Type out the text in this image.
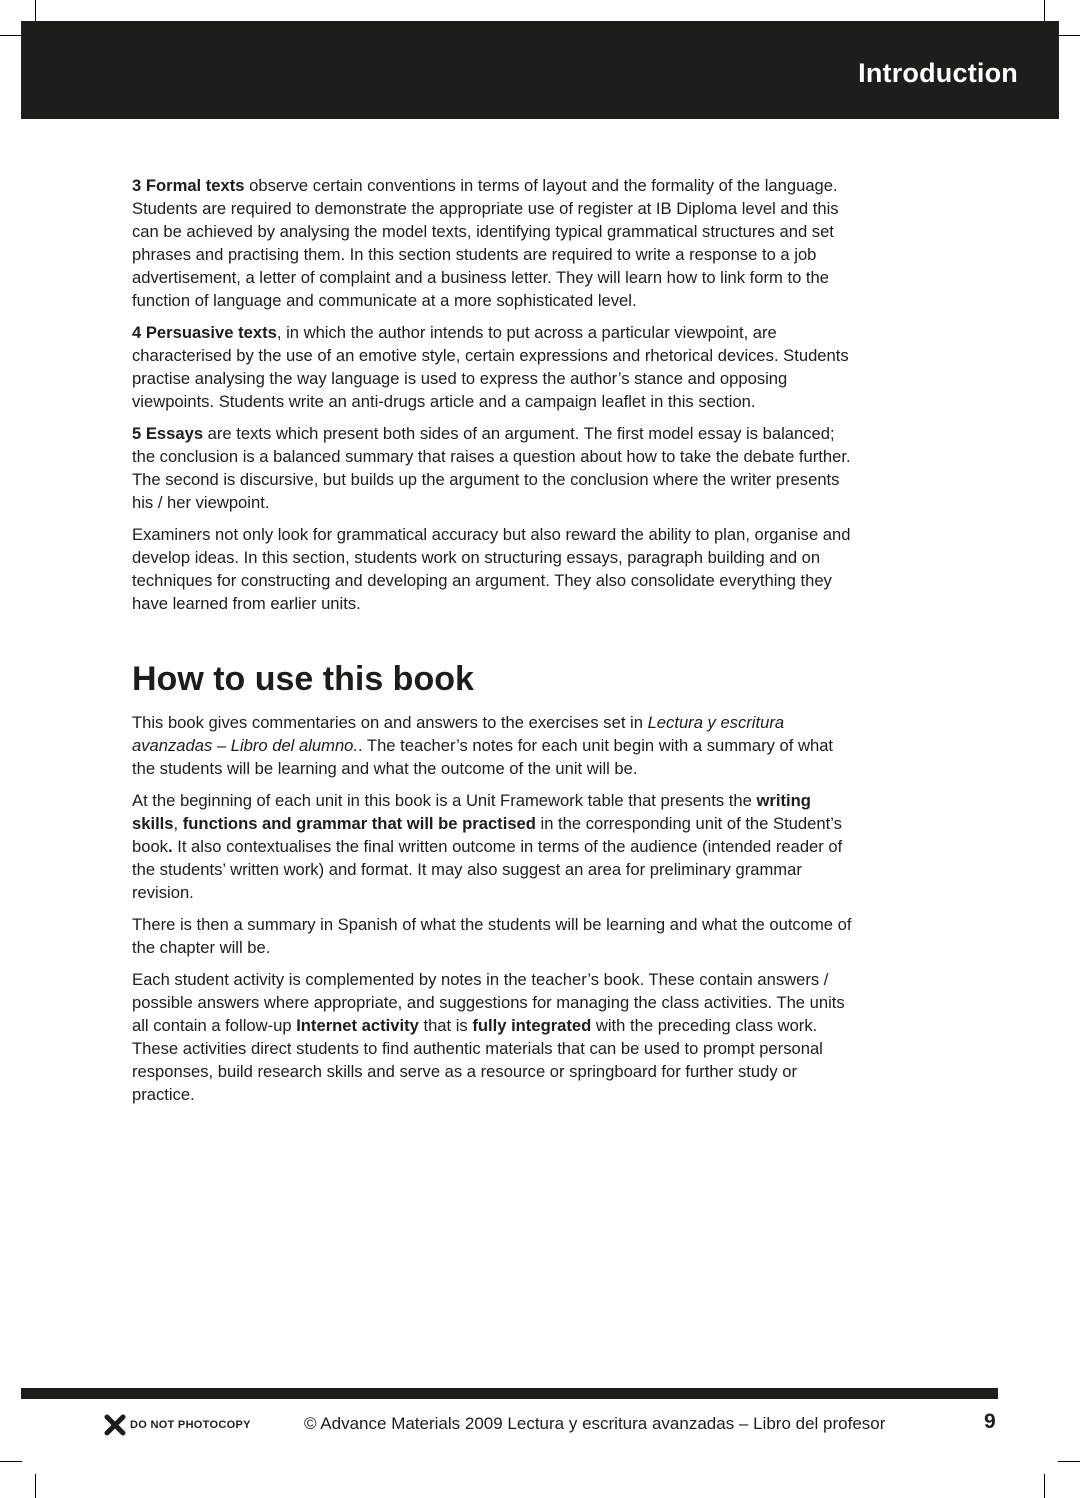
Introduction

3 Formal texts observe certain conventions in terms of layout and the formality of the language. Students are required to demonstrate the appropriate use of register at IB Diploma level and this can be achieved by analysing the model texts, identifying typical grammatical structures and set phrases and practising them. In this section students are required to write a response to a job advertisement, a letter of complaint and a business letter. They will learn how to link form to the function of language and communicate at a more sophisticated level.

4 Persuasive texts, in which the author intends to put across a particular viewpoint, are characterised by the use of an emotive style, certain expressions and rhetorical devices. Students practise analysing the way language is used to express the author’s stance and opposing viewpoints. Students write an anti-drugs article and a campaign leaflet in this section.

5 Essays are texts which present both sides of an argument. The first model essay is balanced; the conclusion is a balanced summary that raises a question about how to take the debate further. The second is discursive, but builds up the argument to the conclusion where the writer presents his / her viewpoint.

Examiners not only look for grammatical accuracy but also reward the ability to plan, organise and develop ideas. In this section, students work on structuring essays, paragraph building and on techniques for constructing and developing an argument. They also consolidate everything they have learned from earlier units.

How to use this book

This book gives commentaries on and answers to the exercises set in Lectura y escritura avanzadas – Libro del alumno.. The teacher’s notes for each unit begin with a summary of what the students will be learning and what the outcome of the unit will be.

At the beginning of each unit in this book is a Unit Framework table that presents the writing skills, functions and grammar that will be practised in the corresponding unit of the Student’s book. It also contextualises the final written outcome in terms of the audience (intended reader of the students’ written work) and format. It may also suggest an area for preliminary grammar revision.

There is then a summary in Spanish of what the students will be learning and what the outcome of the chapter will be.

Each student activity is complemented by notes in the teacher’s book. These contain answers / possible answers where appropriate, and suggestions for managing the class activities. The units all contain a follow-up Internet activity that is fully integrated with the preceding class work. These activities direct students to find authentic materials that can be used to prompt personal responses, build research skills and serve as a resource or springboard for further study or practice.

DO NOT PHOTOCOPY	© Advance Materials 2009 Lectura y escritura avanzadas – Libro del profesor	9
